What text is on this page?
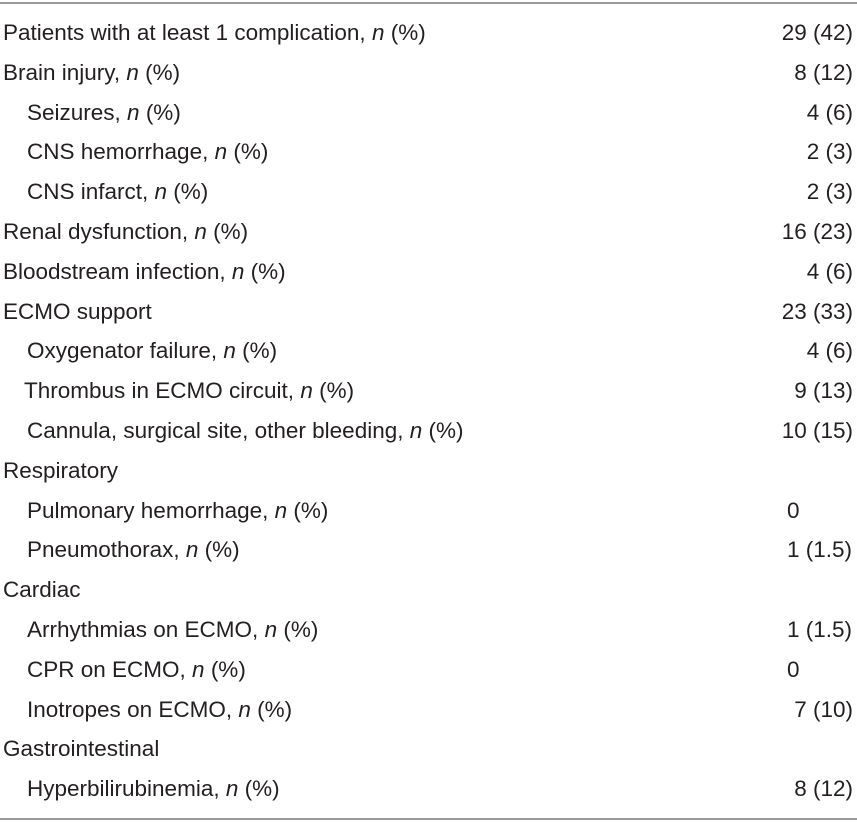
Patients with at least 1 complication, n (%)	29 (42)
Brain injury, n (%)	8 (12)
Seizures, n (%)	4 (6)
CNS hemorrhage, n (%)	2 (3)
CNS infarct, n (%)	2 (3)
Renal dysfunction, n (%)	16 (23)
Bloodstream infection, n (%)	4 (6)
ECMO support	23 (33)
Oxygenator failure, n (%)	4 (6)
Thrombus in ECMO circuit, n (%)	9 (13)
Cannula, surgical site, other bleeding, n (%)	10 (15)
Respiratory
Pulmonary hemorrhage, n (%)	0
Pneumothorax, n (%)	1 (1.5)
Cardiac
Arrhythmias on ECMO, n (%)	1 (1.5)
CPR on ECMO, n (%)	0
Inotropes on ECMO, n (%)	7 (10)
Gastrointestinal
Hyperbilirubinemia, n (%)	8 (12)
